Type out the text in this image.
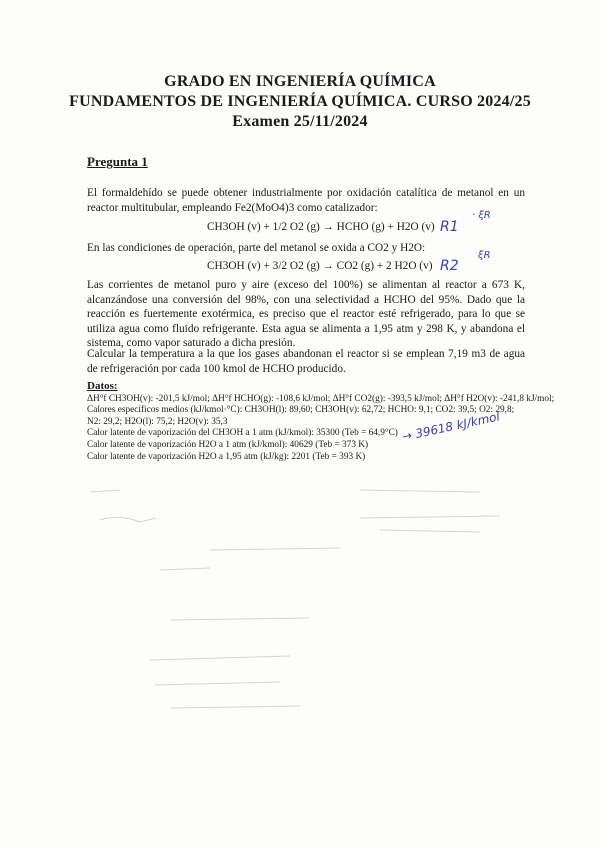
GRADO EN INGENIERÍA QUÍMICA
FUNDAMENTOS DE INGENIERÍA QUÍMICA. CURSO 2024/25
Examen 25/11/2024
Pregunta 1
El formaldehído se puede obtener industrialmente por oxidación catalítica de metanol en un reactor multitubular, empleando Fe2(MoO4)3 como catalizador:
CH3OH (v) + 1/2 O2 (g) → HCHO (g) + H2O (v) R1
· ξR
En las condiciones de operación, parte del metanol se oxida a CO2 y H2O:
CH3OH (v) + 3/2 O2 (g) → CO2 (g) + 2 H2O (v) R2
ξR
Las corrientes de metanol puro y aire (exceso del 100%) se alimentan al reactor a 673 K, alcanzándose una conversión del 98%, con una selectividad a HCHO del 95%. Dado que la reacción es fuertemente exotérmica, es preciso que el reactor esté refrigerado, para lo que se utiliza agua como fluido refrigerante. Esta agua se alimenta a 1,95 atm y 298 K, y abandona el sistema, como vapor saturado a dicha presión.
Calcular la temperatura a la que los gases abandonan el reactor si se emplean 7,19 m3 de agua de refrigeración por cada 100 kmol de HCHO producido.
Datos:
ΔH°f CH3OH(v): -201,5 kJ/mol; ΔH°f HCHO(g): -108,6 kJ/mol; ΔH°f CO2(g): -393,5 kJ/mol; ΔH°f H2O(v): -241,8 kJ/mol;
Calores específicos medios (kJ/kmol·°C): CH3OH(l): 89,60; CH3OH(v): 62,72; HCHO: 9,1; CO2: 39,5; O2: 29,8;
N2: 29,2; H2O(l): 75,2; H2O(v): 35,3
Calor latente de vaporización del CH3OH a 1 atm (kJ/kmol): 35300 (Teb = 64,9°C)
Calor latente de vaporización H2O a 1 atm (kJ/kmol): 40629 (Teb = 373 K)
Calor latente de vaporización H2O a 1,95 atm (kJ/kg): 2201 (Teb = 393 K)
→ 39618 kJ/kmol
